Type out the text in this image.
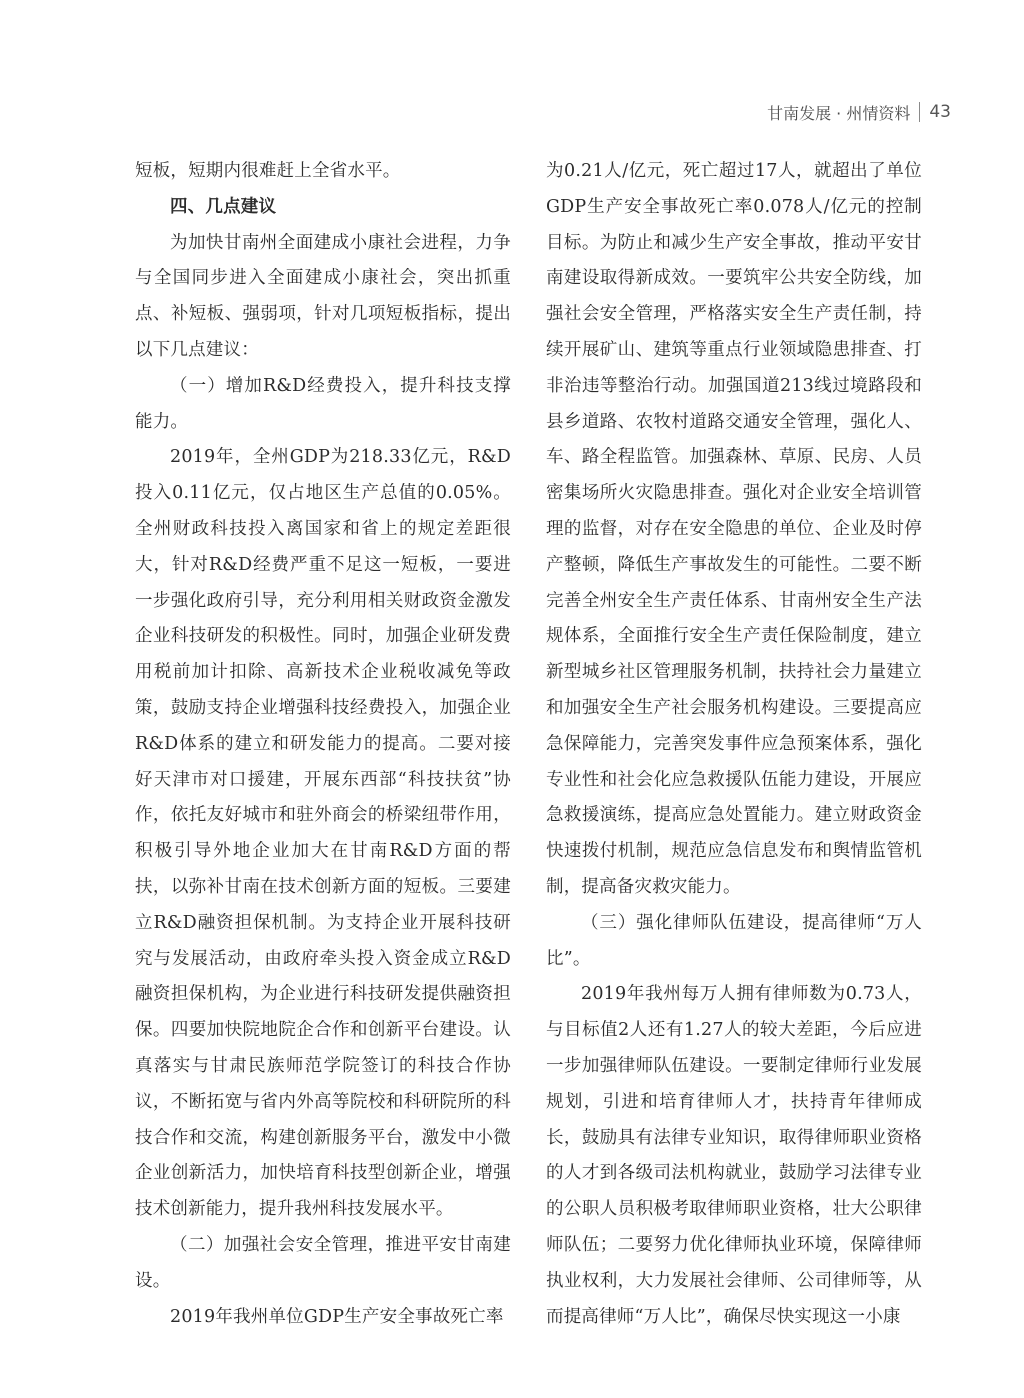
甘南发展 · 州情资料 43

短板，短期内很难赶上全省水平。

四、几点建议

为加快甘南州全面建成小康社会进程，力争与全国同步进入全面建成小康社会，突出抓重点、补短板、强弱项，针对几项短板指标，提出以下几点建议：

（一）增加R&D经费投入，提升科技支撑能力。

2019年，全州GDP为218.33亿元，R&D投入0.11亿元，仅占地区生产总值的0.05%。全州财政科技投入离国家和省上的规定差距很大，针对R&D经费严重不足这一短板，一要进一步强化政府引导，充分利用相关财政资金激发企业科技研发的积极性。同时，加强企业研发费用税前加计扣除、高新技术企业税收减免等政策，鼓励支持企业增强科技经费投入，加强企业R&D体系的建立和研发能力的提高。二要对接好天津市对口援建，开展东西部“科技扶贫”协作，依托友好城市和驻外商会的桥梁纽带作用，积极引导外地企业加大在甘南R&D方面的帮扶，以弥补甘南在技术创新方面的短板。三要建立R&D融资担保机制。为支持企业开展科技研究与发展活动，由政府牵头投入资金成立R&D融资担保机构，为企业进行科技研发提供融资担保。四要加快院地院企合作和创新平台建设。认真落实与甘肃民族师范学院签订的科技合作协议，不断拓宽与省内外高等院校和科研院所的科技合作和交流，构建创新服务平台，激发中小微企业创新活力，加快培育科技型创新企业，增强技术创新能力，提升我州科技发展水平。

（二）加强社会安全管理，推进平安甘南建设。

2019年我州单位GDP生产安全事故死亡率

为0.21人/亿元，死亡超过17人，就超出了单位GDP生产安全事故死亡率0.078人/亿元的控制目标。为防止和减少生产安全事故，推动平安甘南建设取得新成效。一要筑牢公共安全防线，加强社会安全管理，严格落实安全生产责任制，持续开展矿山、建筑等重点行业领域隐患排查、打非治违等整治行动。加强国道213线过境路段和县乡道路、农牧村道路交通安全管理，强化人、车、路全程监管。加强森林、草原、民房、人员密集场所火灾隐患排查。强化对企业安全培训管理的监督，对存在安全隐患的单位、企业及时停产整顿，降低生产事故发生的可能性。二要不断完善全州安全生产责任体系、甘南州安全生产法规体系，全面推行安全生产责任保险制度，建立新型城乡社区管理服务机制，扶持社会力量建立和加强安全生产社会服务机构建设。三要提高应急保障能力，完善突发事件应急预案体系，强化专业性和社会化应急救援队伍能力建设，开展应急救援演练，提高应急处置能力。建立财政资金快速拨付机制，规范应急信息发布和舆情监管机制，提高备灾救灾能力。

（三）强化律师队伍建设，提高律师“万人比”。

2019年我州每万人拥有律师数为0.73人，与目标值2人还有1.27人的较大差距，今后应进一步加强律师队伍建设。一要制定律师行业发展规划，引进和培育律师人才，扶持青年律师成长，鼓励具有法律专业知识，取得律师职业资格的人才到各级司法机构就业，鼓励学习法律专业的公职人员积极考取律师职业资格，壮大公职律师队伍；二要努力优化律师执业环境，保障律师执业权利，大力发展社会律师、公司律师等，从而提高律师“万人比”，确保尽快实现这一小康
